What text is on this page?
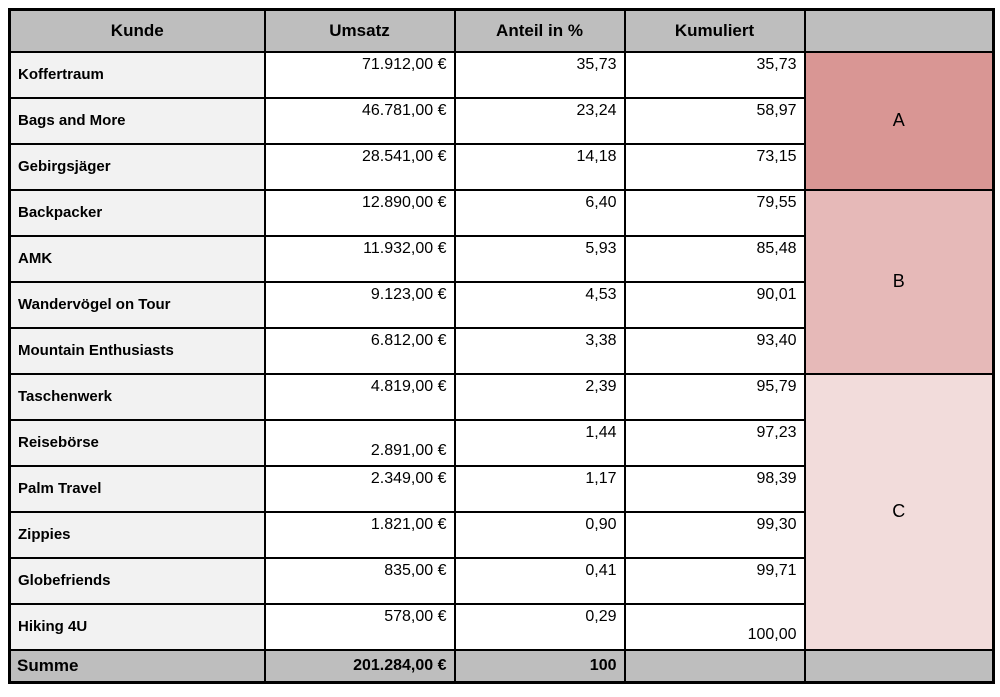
Kunde	Umsatz	Anteil in %	Kumuliert	
Koffertraum	71.912,00 €	35,73	35,73	A
Bags and More	46.781,00 €	23,24	58,97	
Gebirgsjäger	28.541,00 €	14,18	73,15	
Backpacker	12.890,00 €	6,40	79,55	B
AMK	11.932,00 €	5,93	85,48	
Wandervögel on Tour	9.123,00 €	4,53	90,01	
Mountain Enthusiasts	6.812,00 €	3,38	93,40	
Taschenwerk	4.819,00 €	2,39	95,79	C
Reisebörse	2.891,00 €	1,44	97,23	
Palm Travel	2.349,00 €	1,17	98,39	
Zippies	1.821,00 €	0,90	99,30	
Globefriends	835,00 €	0,41	99,71	
Hiking 4U	578,00 €	0,29	100,00	
Summe	201.284,00 €	100		
